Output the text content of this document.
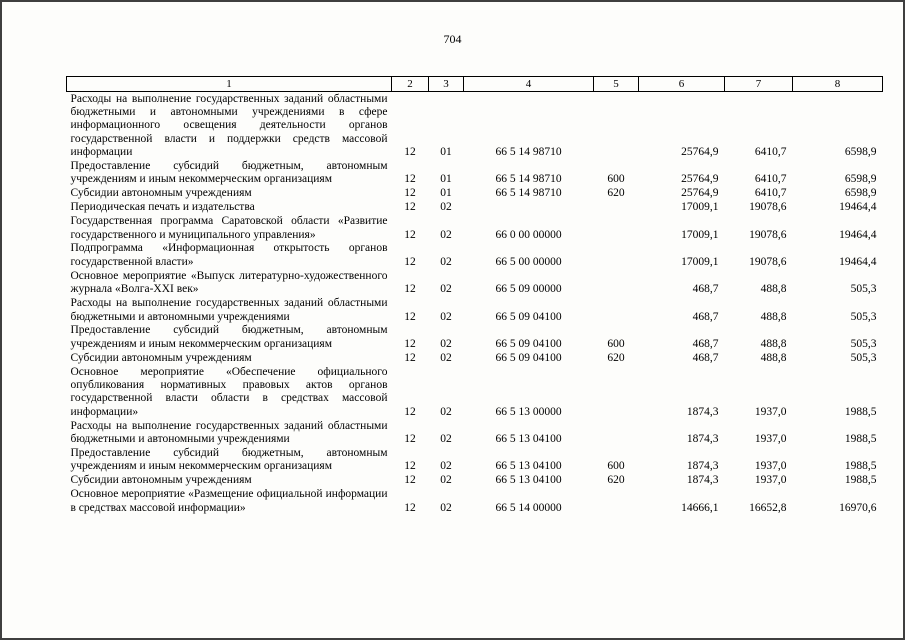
704
1	2	3	4	5	6	7	8
Расходы на выполнение государственных заданий областными бюджетными и автономными учреждениями в сфере информационного освещения деятельности органов государственной власти и поддержки средств массовой информации	12	01	66 5 14 98710		25764,9	6410,7	6598,9
Предоставление субсидий бюджетным, автономным учреждениям и иным некоммерческим организациям	12	01	66 5 14 98710	600	25764,9	6410,7	6598,9
Субсидии автономным учреждениям	12	01	66 5 14 98710	620	25764,9	6410,7	6598,9
Периодическая печать и издательства	12	02			17009,1	19078,6	19464,4
Государственная программа Саратовской области «Развитие государственного и муниципального управления»	12	02	66 0 00 00000		17009,1	19078,6	19464,4
Подпрограмма «Информационная открытость органов государственной власти»	12	02	66 5 00 00000		17009,1	19078,6	19464,4
Основное мероприятие «Выпуск литературно-художественного журнала «Волга-XXI век»	12	02	66 5 09 00000		468,7	488,8	505,3
Расходы на выполнение государственных заданий областными бюджетными и автономными учреждениями	12	02	66 5 09 04100		468,7	488,8	505,3
Предоставление субсидий бюджетным, автономным учреждениям и иным некоммерческим организациям	12	02	66 5 09 04100	600	468,7	488,8	505,3
Субсидии автономным учреждениям	12	02	66 5 09 04100	620	468,7	488,8	505,3
Основное мероприятие «Обеспечение официального опубликования нормативных правовых актов органов государственной власти области в средствах массовой информации»	12	02	66 5 13 00000		1874,3	1937,0	1988,5
Расходы на выполнение государственных заданий областными бюджетными и автономными учреждениями	12	02	66 5 13 04100		1874,3	1937,0	1988,5
Предоставление субсидий бюджетным, автономным учреждениям и иным некоммерческим организациям	12	02	66 5 13 04100	600	1874,3	1937,0	1988,5
Субсидии автономным учреждениям	12	02	66 5 13 04100	620	1874,3	1937,0	1988,5
Основное мероприятие «Размещение официальной информации в средствах массовой информации»	12	02	66 5 14 00000		14666,1	16652,8	16970,6
